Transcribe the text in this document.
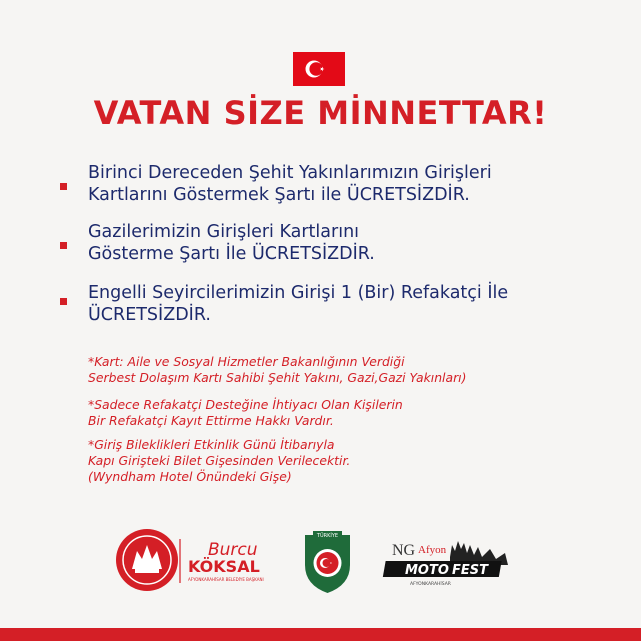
VATAN SİZE MİNNETTAR!
Birinci Dereceden Şehit Yakınlarımızın Girişleri
Kartlarını Göstermek Şartı ile ÜCRETSİZDİR.
Gazilerimizin Girişleri Kartlarını
Gösterme Şartı İle ÜCRETSİZDİR.
Engelli Seyircilerimizin Girişi 1 (Bir) Refakatçi İle
ÜCRETSİZDİR.
*Kart: Aile ve Sosyal Hizmetler Bakanlığının Verdiği
Serbest Dolaşım Kartı Sahibi Şehit Yakını, Gazi,Gazi Yakınları)
*Sadece Refakatçi Desteğine İhtiyacı Olan Kişilerin
Bir Refakatçi Kayıt Ettirme Hakkı Vardır.
*Giriş Bileklikleri Etkinlik Günü İtibarıyla
Kapı Girişteki Bilet Gişesinden Verilecektir.
(Wyndham Hotel Önündeki Gişe)
Burcu
KÖKSAL
AFYONKARAHİSAR BELEDİYE BAŞKANI
TÜRKİYE
NG Afyon
MOTO FEST
AFYONKARAHİSAR
